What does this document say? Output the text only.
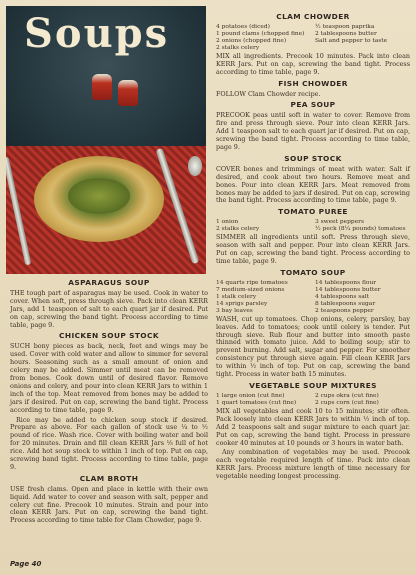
Soups
ASPARAGUS SOUP

THE tough part of asparagus may be used. Cook in water to cover. When soft, press through sieve. Pack into clean KERR Jars, add 1 teaspoon of salt to each quart jar if desired. Put on cap, screwing the band tight. Process according to time table, page 9.

CHICKEN SOUP STOCK

SUCH bony pieces as back, neck, feet and wings may be used. Cover with cold water and allow to simmer for several hours. Seasoning such as a small amount of onion and celery may be added. Simmer until meat can be removed from bones. Cook down until of desired flavor. Remove onions and celery, and pour into clean KERR Jars to within 1 inch of the top. Meat removed from bones may be added to jars if desired. Put on cap, screwing the band tight. Process according to time table, page 9.

Rice may be added to chicken soup stock if desired. Prepare as above. For each gallon of stock use ¼ to ½ pound of rice. Wash rice. Cover with boiling water and boil for 20 minutes. Drain and fill clean KERR Jars ⅓ full of hot rice. Add hot soup stock to within 1 inch of top. Put on cap, screwing band tight. Process according to time table, page 9.

CLAM BROTH

USE fresh clams. Open and place in kettle with their own liquid. Add water to cover and season with salt, pepper and celery cut fine. Precook 10 minutes. Strain and pour into clean KERR Jars. Put on cap, screwing the band tight. Process according to time table for Clam Chowder, page 9.

CLAM CHOWDER
4 potatoes (diced)	½ teaspoon paprika
1 pound clams (chopped fine)	2 tablespoons butter
2 onions (chopped fine)	Salt and pepper to taste
2 stalks celery

MIX all ingredients. Precook 10 minutes. Pack into clean KERR Jars. Put on cap, screwing the band tight. Process according to time table, page 9.

FISH CHOWDER

FOLLOW Clam Chowder recipe.

PEA SOUP

PRECOOK peas until soft in water to cover. Remove from fire and press through sieve. Pour into clean KERR Jars. Add 1 teaspoon salt to each quart jar if desired. Put on cap, screwing the band tight. Process according to time table, page 9.

SOUP STOCK

COVER bones and trimmings of meat with water. Salt if desired, and cook about two hours. Remove meat and bones. Pour into clean KERR Jars. Meat removed from bones may be added to jars if desired. Put on cap, screwing the band tight. Process according to time table, page 9.

TOMATO PUREE
1 onion	3 sweet peppers
2 stalks celery	½ peck (8¼ pounds) tomatoes

SIMMER all ingredients until soft. Press through sieve, season with salt and pepper. Pour into clean KERR Jars. Put on cap, screwing the band tight. Process according to time table, page 9.

TOMATO SOUP
14 quarts ripe tomatoes	14 tablespoons flour
7 medium-sized onions	14 tablespoons butter
1 stalk celery	4 tablespoons salt
14 sprigs parsley	8 tablespoons sugar
3 bay leaves	2 teaspoons pepper

WASH, cut up tomatoes. Chop onions, celery, parsley, bay leaves. Add to tomatoes; cook until celery is tender. Put through sieve. Rub flour and butter into smooth paste thinned with tomato juice. Add to boiling soup; stir to prevent burning. Add salt, sugar and pepper. For smoother consistency put through sieve again. Fill clean KERR Jars to within ½ inch of top. Put on cap, screwing the band tight. Process in water bath 15 minutes.

VEGETABLE SOUP MIXTURES
1 large onion (cut fine)	2 cups okra (cut fine)
1 quart tomatoes (cut fine)	2 cups corn (cut fine)

MIX all vegetables and cook 10 to 15 minutes; stir often. Pack loosely into clean KERR Jars to within ½ inch of top. Add 2 teaspoons salt and sugar mixture to each quart jar. Put on cap, screwing the band tight. Process in pressure cooker 40 minutes at 10 pounds or 3 hours in water bath.

Any combination of vegetables may be used. Precook each vegetable required length of time. Pack into clean KERR Jars. Process mixture length of time necessary for vegetable needing longest processing.

Page 40
